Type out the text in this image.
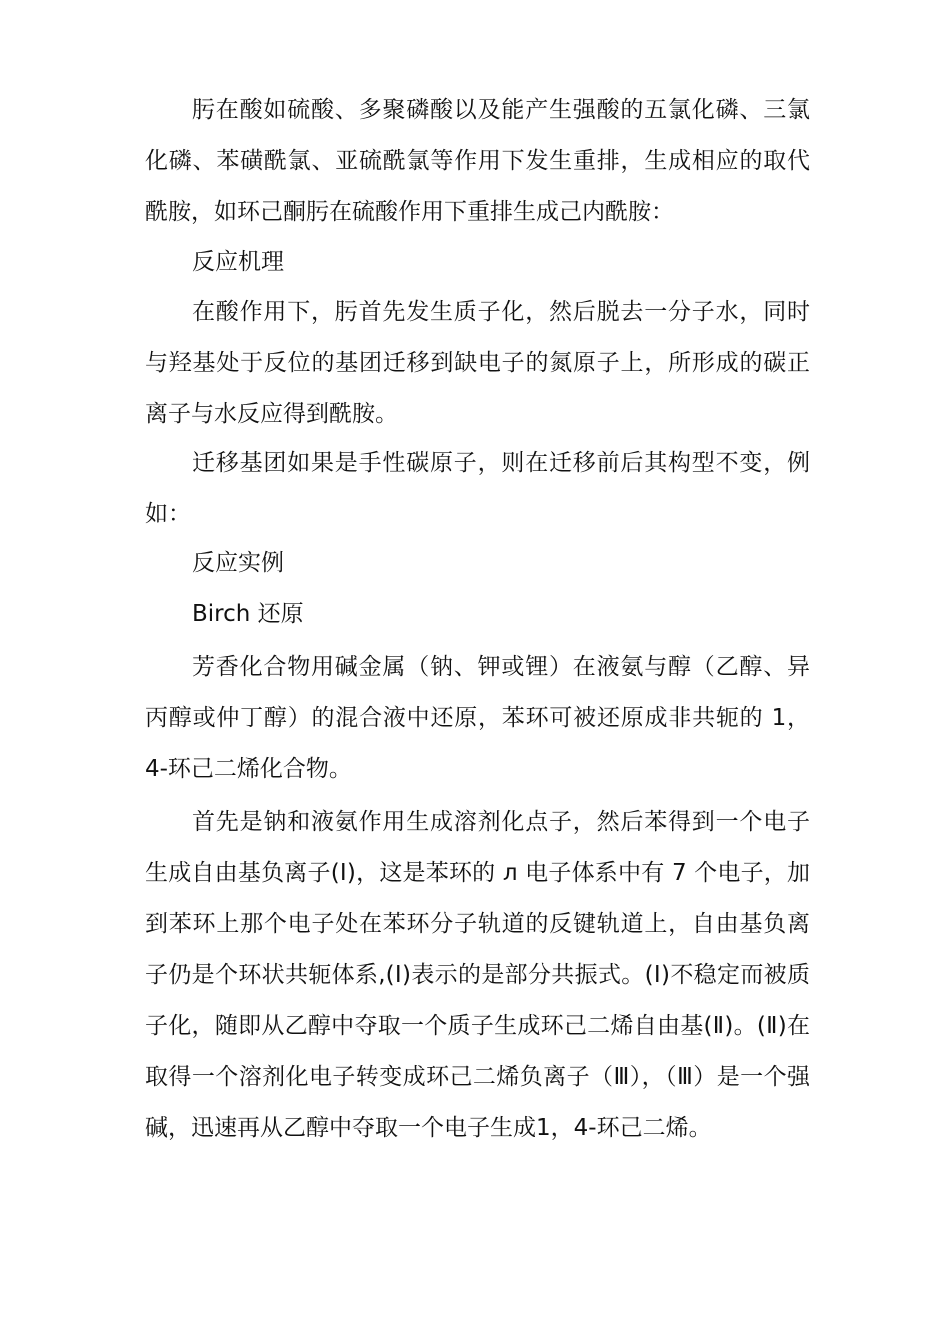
肟在酸如硫酸、多聚磷酸以及能产生强酸的五氯化磷、三氯化磷、苯磺酰氯、亚硫酰氯等作用下发生重排，生成相应的取代酰胺，如环己酮肟在硫酸作用下重排生成己内酰胺：

反应机理

在酸作用下，肟首先发生质子化，然后脱去一分子水，同时与羟基处于反位的基团迁移到缺电子的氮原子上，所形成的碳正离子与水反应得到酰胺。

迁移基团如果是手性碳原子，则在迁移前后其构型不变，例如：

反应实例

Birch 还原

芳香化合物用碱金属（钠、钾或锂）在液氨与醇（乙醇、异丙醇或仲丁醇）的混合液中还原，苯环可被还原成非共轭的 1，4-环己二烯化合物。

首先是钠和液氨作用生成溶剂化点子，然后苯得到一个电子生成自由基负离子(Ⅰ)，这是苯环的 л 电子体系中有 7 个电子，加到苯环上那个电子处在苯环分子轨道的反键轨道上，自由基负离子仍是个环状共轭体系,(Ⅰ)表示的是部分共振式。(Ⅰ)不稳定而被质子化，随即从乙醇中夺取一个质子生成环己二烯自由基(Ⅱ)。(Ⅱ)在取得一个溶剂化电子转变成环己二烯负离子（Ⅲ），（Ⅲ）是一个强碱，迅速再从乙醇中夺取一个电子生成1，4-环己二烯。
